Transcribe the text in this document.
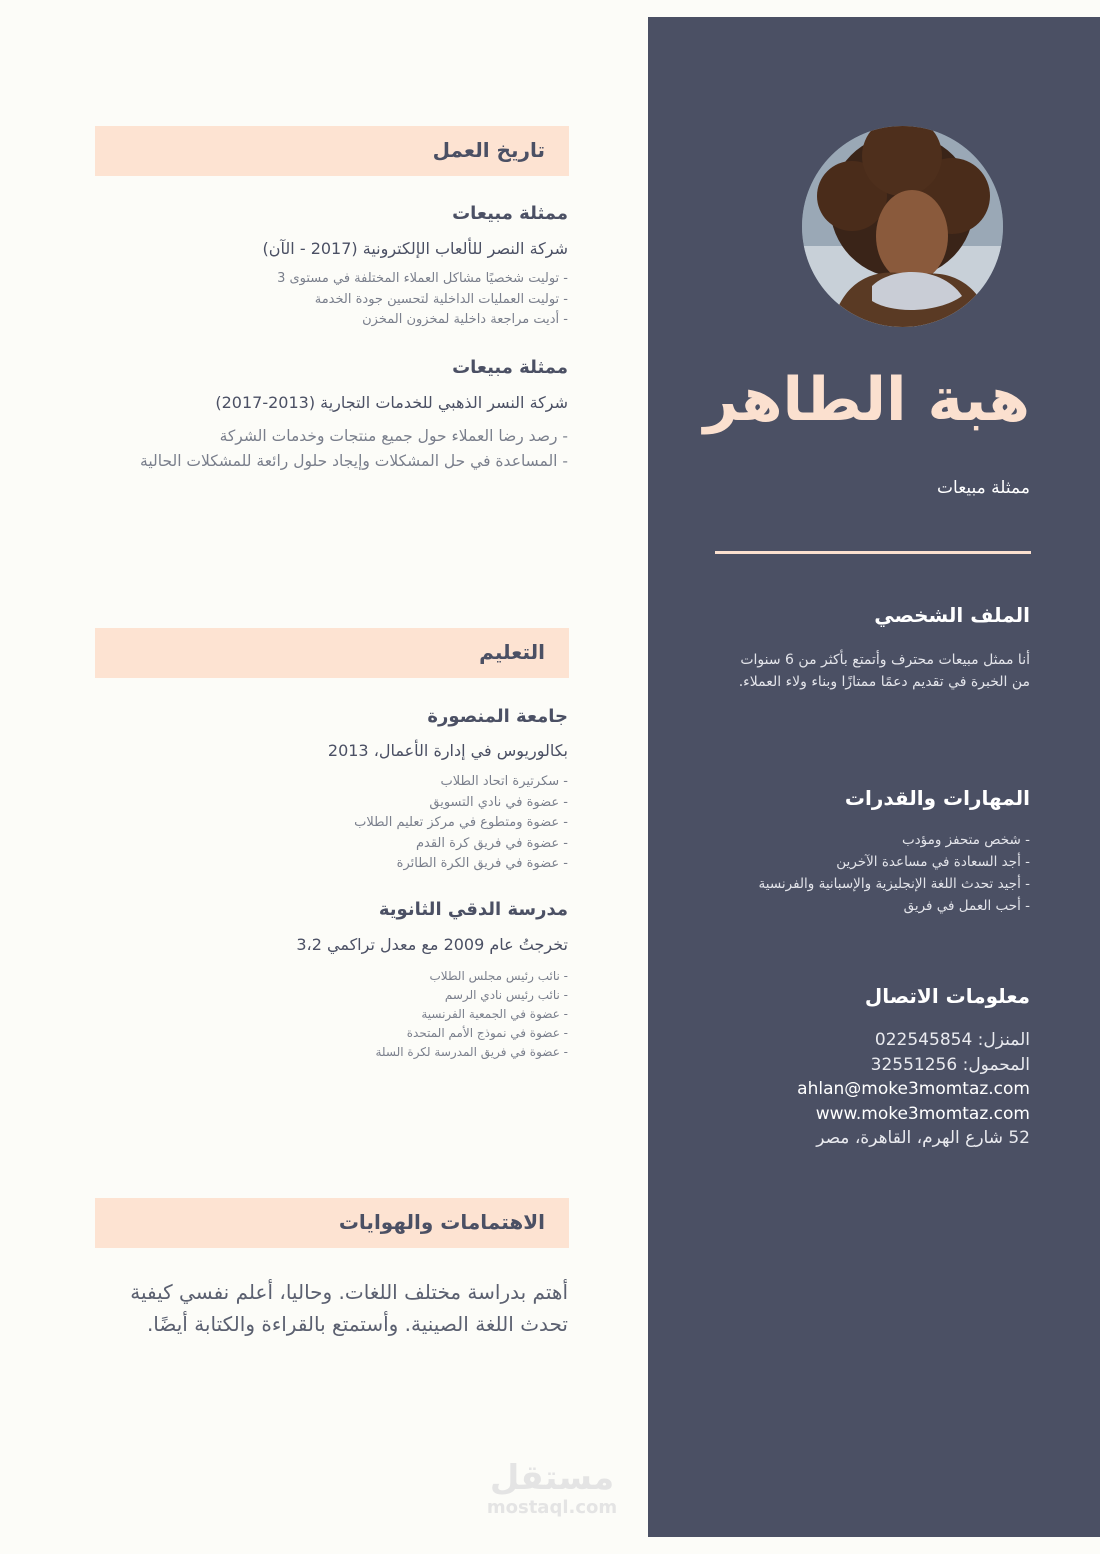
هبة الطاهر
ممثلة مبيعات
الملف الشخصي
أنا ممثل مبيعات محترف وأتمتع بأكثر من 6 سنوات
من الخبرة في تقديم دعمًا ممتازًا وبناء ولاء العملاء.
المهارات والقدرات
- شخص متحفز ومؤدب
- أجد السعادة في مساعدة الآخرين
- أجيد تحدث اللغة الإنجليزية والإسبانية والفرنسية
- أحب العمل في فريق
معلومات الاتصال
المنزل: 022545854
المحمول: 32551256
ahlan@moke3momtaz.com
www.moke3momtaz.com
52 شارع الهرم، القاهرة، مصر
تاريخ العمل
ممثلة مبيعات
شركة النصر للألعاب الإلكترونية (2017 - الآن)
- توليت شخصيًا مشاكل العملاء المختلفة في مستوى 3
- توليت العمليات الداخلية لتحسين جودة الخدمة
- أديت مراجعة داخلية لمخزون المخزن
ممثلة مبيعات
شركة النسر الذهبي للخدمات التجارية (2013-2017)
- رصد رضا العملاء حول جميع منتجات وخدمات الشركة
- المساعدة في حل المشكلات وإيجاد حلول رائعة للمشكلات الحالية
التعليم
جامعة المنصورة
بكالوريوس في إدارة الأعمال، 2013
- سكرتيرة اتحاد الطلاب
- عضوة في نادي التسويق
- عضوة ومتطوع في مركز تعليم الطلاب
- عضوة في فريق كرة القدم
- عضوة في فريق الكرة الطائرة
مدرسة الدقي الثانوية
تخرجتُ عام 2009 مع معدل تراكمي 3،2
- نائب رئيس مجلس الطلاب
- نائب رئيس نادي الرسم
- عضوة في الجمعية الفرنسية
- عضوة في نموذج الأمم المتحدة
- عضوة في فريق المدرسة لكرة السلة
الاهتمامات والهوايات
أهتم بدراسة مختلف اللغات. وحاليا، أعلم نفسي كيفية
تحدث اللغة الصينية. وأستمتع بالقراءة والكتابة أيضًا.
مستقل
mostaql.com
